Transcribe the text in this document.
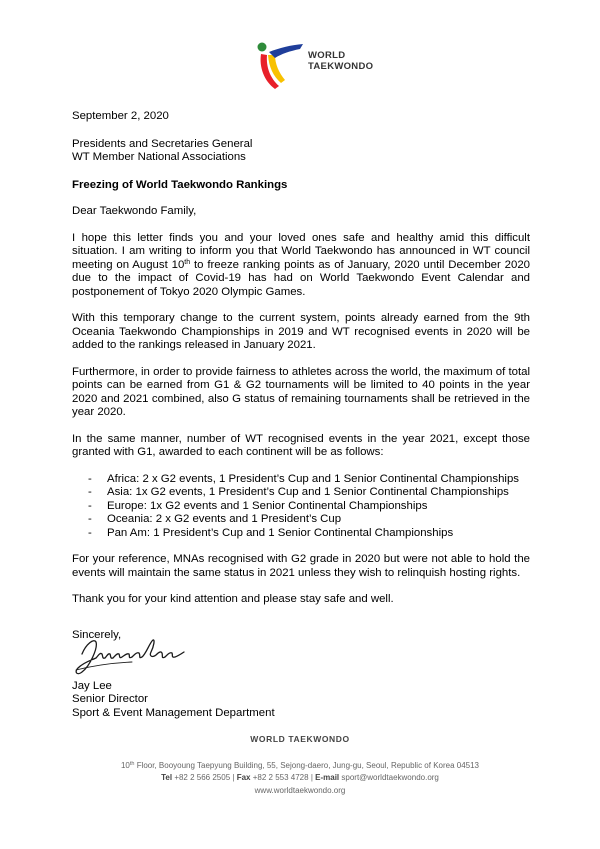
WORLD
TAEKWONDO

September 2, 2020

Presidents and Secretaries General

WT Member National Associations

Freezing of World Taekwondo Rankings

Dear Taekwondo Family,

I hope this letter finds you and your loved ones safe and healthy amid this difficult situation. I am writing to inform you that World Taekwondo has announced in WT council meeting on August 10th to freeze ranking points as of January, 2020 until December 2020 due to the impact of Covid-19 has had on World Taekwondo Event Calendar and postponement of Tokyo 2020 Olympic Games.

With this temporary change to the current system, points already earned from the 9th Oceania Taekwondo Championships in 2019 and WT recognised events in 2020 will be added to the rankings released in January 2021.

Furthermore, in order to provide fairness to athletes across the world, the maximum of total points can be earned from G1 & G2 tournaments will be limited to 40 points in the year 2020 and 2021 combined, also G status of remaining tournaments shall be retrieved in the year 2020.

In the same manner, number of WT recognised events in the year 2021, except those granted with G1, awarded to each continent will be as follows:

- Africa: 2 x G2 events, 1 President’s Cup and 1 Senior Continental Championships
- Asia: 1x G2 events, 1 President’s Cup and 1 Senior Continental Championships
- Europe: 1x G2 events and 1 Senior Continental Championships
- Oceania: 2 x G2 events and 1 President’s Cup
- Pan Am: 1 President’s Cup and 1 Senior Continental Championships

For your reference, MNAs recognised with G2 grade in 2020 but were not able to hold the events will maintain the same status in 2021 unless they wish to relinquish hosting rights.

Thank you for your kind attention and please stay safe and well.

Sincerely,

Jay Lee
Senior Director
Sport & Event Management Department
WORLD TAEKWONDO
10th Floor, Booyoung Taepyung Building, 55, Sejong-daero, Jung-gu, Seoul, Republic of Korea 04513
Tel +82 2 566 2505 | Fax +82 2 553 4728 | E-mail sport@worldtaekwondo.org
www.worldtaekwondo.org
